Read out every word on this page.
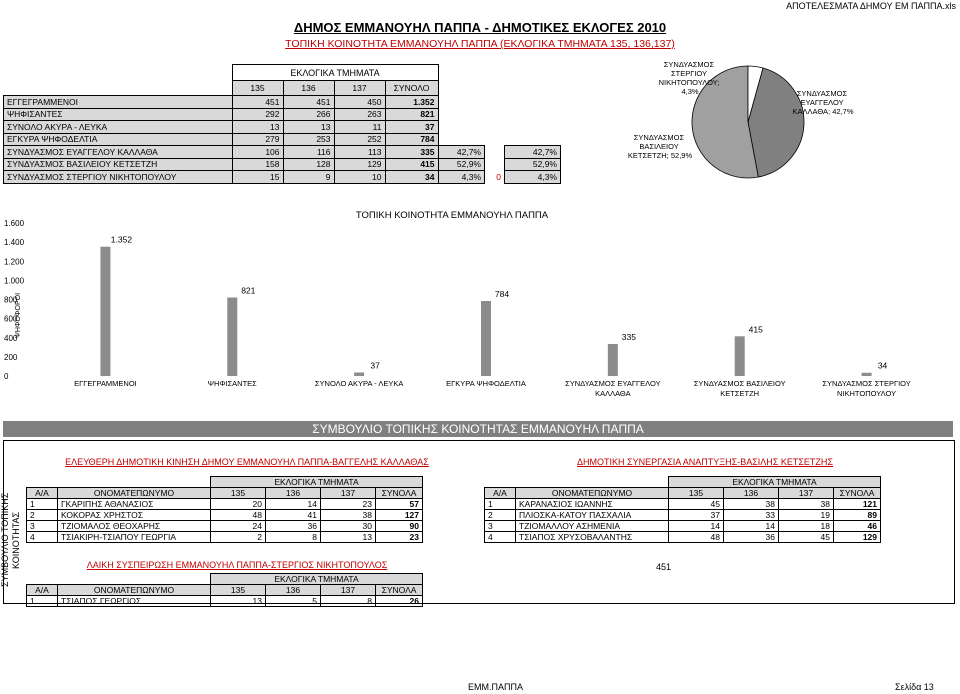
ΑΠΟΤΕΛΕΣΜΑΤΑ ΔΗΜΟΥ ΕΜ ΠΑΠΠΑ.xls
ΔΗΜΟΣ ΕΜΜΑΝΟΥΗΛ ΠΑΠΠΑ - ΔΗΜΟΤΙΚΕΣ ΕΚΛΟΓΕΣ 2010
ΤΟΠΙΚΗ ΚΟΙΝΟΤΗΤΑ ΕΜΜΑΝΟΥΗΛ ΠΑΠΠΑ (ΕΚΛΟΓΙΚΑ ΤΜΗΜΑΤΑ 135, 136,137)
	ΕΚΛΟΓΙΚΑ ΤΜΗΜΑΤΑ						
	135	136	137	ΣΥΝΟΛΟ			
ΕΓΓΕΓΡΑΜΜΕΝΟΙ	451	451	450	1.352			
ΨΗΦΙΣΑΝΤΕΣ	292	266	263	821			
ΣΥΝΟΛΟ ΑΚΥΡΑ - ΛΕΥΚΑ	13	13	11	37			
ΕΓΚΥΡΑ ΨΗΦΟΔΕΛΤΙΑ	279	253	252	784			
ΣΥΝΔΥΑΣΜΟΣ ΕΥΑΓΓΕΛΟΥ ΚΑΛΛΑΘΑ	106	116	113	335	42,7%		42,7%
ΣΥΝΔΥΑΣΜΟΣ ΒΑΣΙΛΕΙΟΥ ΚΕΤΣΕΤΖΗ	158	128	129	415	52,9%		52,9%
ΣΥΝΔΥΑΣΜΟΣ ΣΤΕΡΓΙΟΥ ΝΙΚΗΤΟΠΟΥΛΟΥ	15	9	10	34	4,3%	0	4,3%
ΣΥΝΔΥΑΣΜΟΣ ΣΤΕΡΓΙΟΥ ΝΙΚΗΤΟΠΟΥΛΟΥ; 4,3%
ΣΥΝΔΥΑΣΜΟΣ ΒΑΣΙΛΕΙΟΥ ΚΕΤΣΕΤΖΗ; 52,9%
ΣΥΝΔΥΑΣΜΟΣ ΕΥΑΓΓΕΛΟΥ ΚΑΛΛΑΘΑ; 42,7%
ΤΟΠΙΚΗ ΚΟΙΝΟΤΗΤΑ ΕΜΜΑΝΟΥΗΛ ΠΑΠΠΑ
ΨΗΦΟΦΟΡΟΙ
0
200
400
600
800
1.000
1.200
1.400
1.600
1.352
ΕΓΓΕΓΡΑΜΜΕΝΟΙ
821
ΨΗΦΙΣΑΝΤΕΣ
37
ΣΥΝΟΛΟ ΑΚΥΡΑ - ΛΕΥΚΑ
784
ΕΓΚΥΡΑ ΨΗΦΟΔΕΛΤΙΑ
335
ΣΥΝΔΥΑΣΜΟΣ ΕΥΑΓΓΕΛΟΥ
ΚΑΛΛΑΘΑ
415
ΣΥΝΔΥΑΣΜΟΣ ΒΑΣΙΛΕΙΟΥ
ΚΕΤΣΕΤΖΗ
34
ΣΥΝΔΥΑΣΜΟΣ ΣΤΕΡΓΙΟΥ
ΝΙΚΗΤΟΠΟΥΛΟΥ
ΣΥΜΒΟΥΛΙΟ ΤΟΠΙΚΗΣ ΚΟΙΝΟΤΗΤΑΣ ΕΜΜΑΝΟΥΗΛ ΠΑΠΠΑ
ΣΥΜΒΟΥΛΙΟ ΤΟΠΙΚΗΣ
ΚΟΙΝΟΤΗΤΑΣ
ΕΛΕΥΘΕΡΗ ΔΗΜΟΤΙΚΗ ΚΙΝΗΣΗ ΔΗΜΟΥ ΕΜΜΑΝΟΥΗΛ ΠΑΠΠΑ-ΒΑΓΓΕΛΗΣ ΚΑΛΛΑΘΑΣ	ΔΗΜΟΤΙΚΗ ΣΥΝΕΡΓΑΣΙΑ ΑΝΑΠΤΥΞΗΣ-ΒΑΣΙΛΗΣ ΚΕΤΣΕΤΖΗΣ
		ΕΚΛΟΓΙΚΑ ΤΜΗΜΑΤΑ			
Α/Α	ΟΝΟΜΑΤΕΠΩΝΥΜΟ	135	136	137	ΣΥΝΟΛΑ
1	ΓΚΑΡΙΠΗΣ ΑΘΑΝΑΣΙΟΣ	20	14	23	57
2	ΚΟΚΟΡΑΣ ΧΡΗΣΤΟΣ	48	41	38	127
3	ΤΖΙΟΜΑΛΟΣ ΘΕΟΧΑΡΗΣ	24	36	30	90
4	ΤΣΙΑΚΙΡΗ-ΤΣΙΑΠΟΥ ΓΕΩΡΓΙΑ	2	8	13	23
		ΕΚΛΟΓΙΚΑ ΤΜΗΜΑΤΑ			
Α/Α	ΟΝΟΜΑΤΕΠΩΝΥΜΟ	135	136	137	ΣΥΝΟΛΑ
1	ΚΑΡΑΝΑΣΙΟΣ ΙΩΑΝΝΗΣ	45	38	38	121
2	ΠΛΙΟΣΚΑ-ΚΑΤΟΥ ΠΑΣΧΑΛΙΑ	37	33	19	89
3	ΤΖΙΟΜΑΛΛΟΥ ΑΣΗΜΕΝΙΑ	14	14	18	46
4	ΤΣΙΑΠΟΣ ΧΡΥΣΟΒΑΛΑΝΤΗΣ	48	36	45	129
ΛΑΙΚΗ ΣΥΣΠΕΙΡΩΣΗ ΕΜΜΑΝΟΥΗΛ ΠΑΠΠΑ-ΣΤΕΡΓΙΟΣ ΝΙΚΗΤΟΠΟΥΛΟΣ	451
		ΕΚΛΟΓΙΚΑ ΤΜΗΜΑΤΑ			
Α/Α	ΟΝΟΜΑΤΕΠΩΝΥΜΟ	135	136	137	ΣΥΝΟΛΑ
1	ΤΣΙΑΠΟΣ ΓΕΩΡΓΙΟΣ	13	5	8	26
ΕΜΜ.ΠΑΠΠΑ	Σελίδα 13
